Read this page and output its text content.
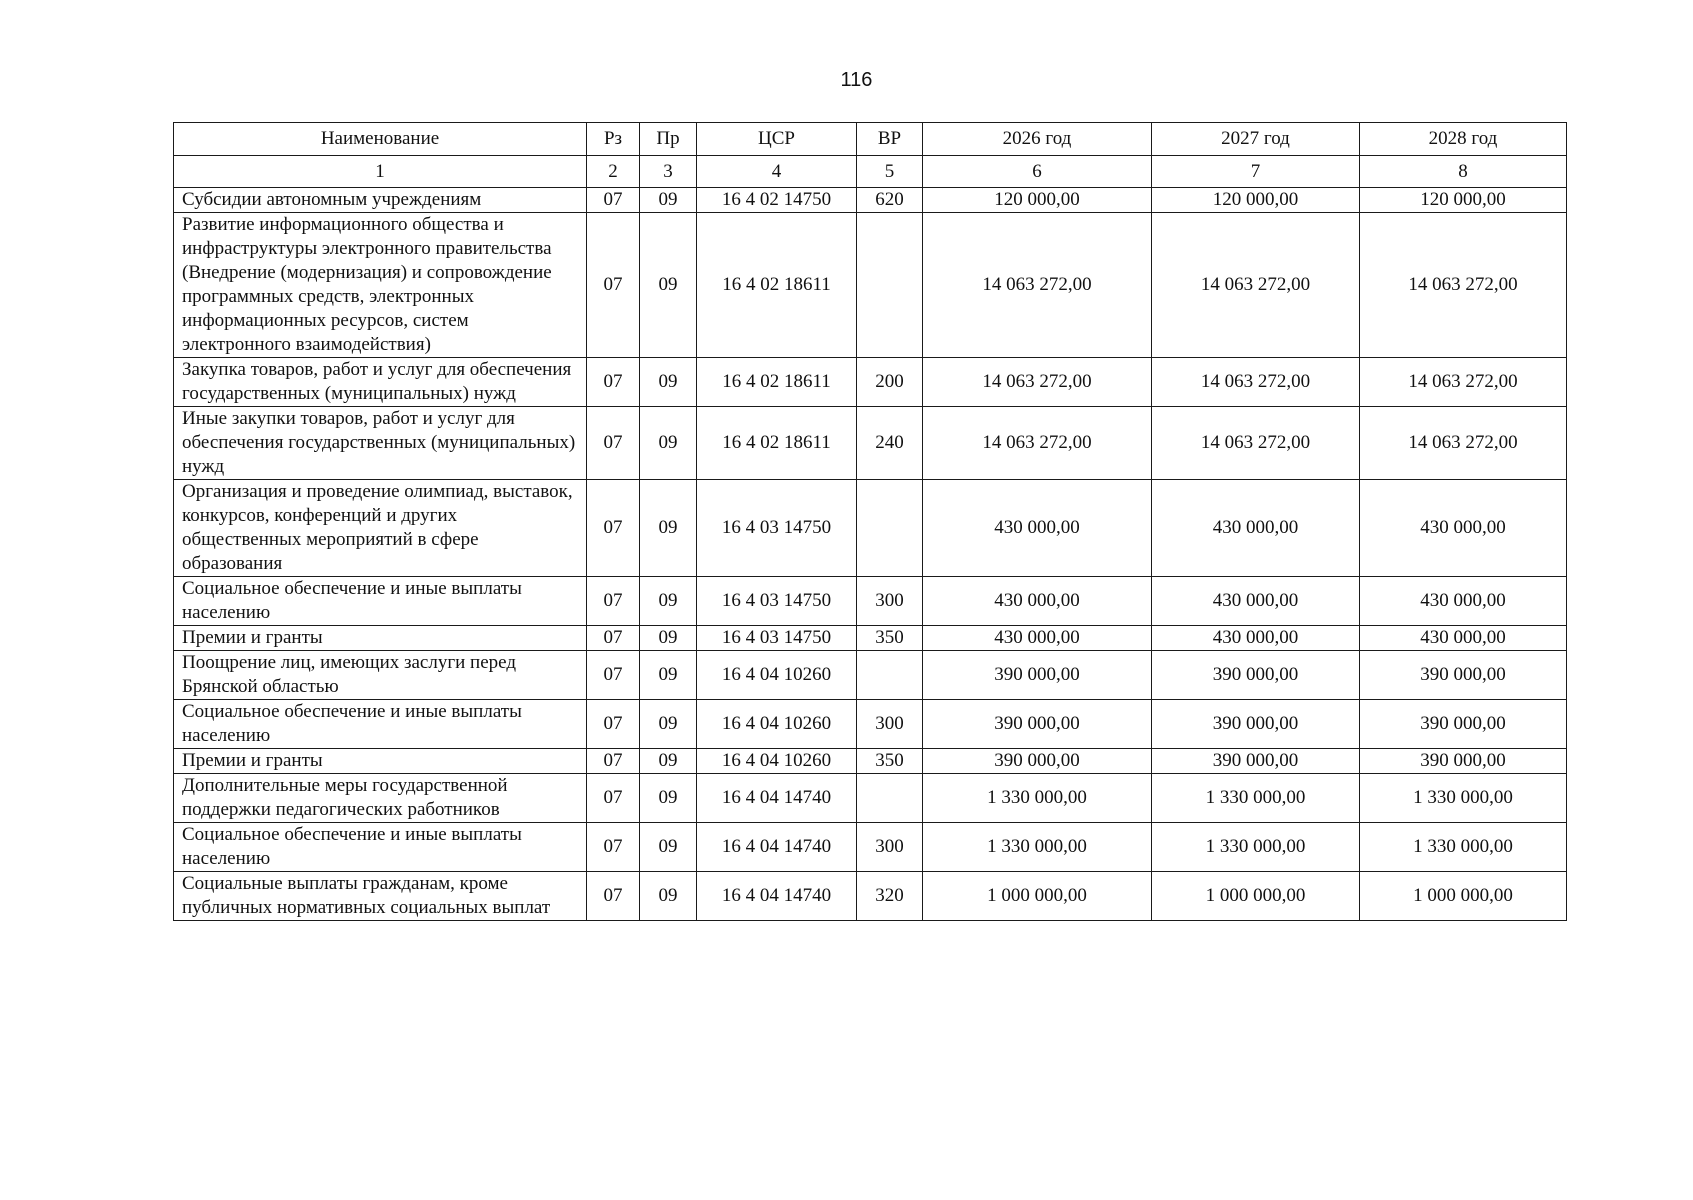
116
Наименование	Рз	Пр	ЦСР	ВР	2026 год	2027 год	2028 год
1	2	3	4	5	6	7	8
Субсидии автономным учреждениям	07	09	16 4 02 14750	620	120 000,00	120 000,00	120 000,00
Развитие информационного общества и инфраструктуры электронного правительства (Внедрение (модернизация) и сопровождение программных средств, электронных информационных ресурсов, систем электронного взаимодействия)	07	09	16 4 02 18611		14 063 272,00	14 063 272,00	14 063 272,00
Закупка товаров, работ и услуг для обеспечения государственных (муниципальных) нужд	07	09	16 4 02 18611	200	14 063 272,00	14 063 272,00	14 063 272,00
Иные закупки товаров, работ и услуг для обеспечения государственных (муниципальных) нужд	07	09	16 4 02 18611	240	14 063 272,00	14 063 272,00	14 063 272,00
Организация и проведение олимпиад, выставок, конкурсов, конференций и других общественных мероприятий в сфере образования	07	09	16 4 03 14750		430 000,00	430 000,00	430 000,00
Социальное обеспечение и иные выплаты населению	07	09	16 4 03 14750	300	430 000,00	430 000,00	430 000,00
Премии и гранты	07	09	16 4 03 14750	350	430 000,00	430 000,00	430 000,00
Поощрение лиц, имеющих заслуги перед Брянской областью	07	09	16 4 04 10260		390 000,00	390 000,00	390 000,00
Социальное обеспечение и иные выплаты населению	07	09	16 4 04 10260	300	390 000,00	390 000,00	390 000,00
Премии и гранты	07	09	16 4 04 10260	350	390 000,00	390 000,00	390 000,00
Дополнительные меры государственной поддержки педагогических работников	07	09	16 4 04 14740		1 330 000,00	1 330 000,00	1 330 000,00
Социальное обеспечение и иные выплаты населению	07	09	16 4 04 14740	300	1 330 000,00	1 330 000,00	1 330 000,00
Социальные выплаты гражданам, кроме публичных нормативных социальных выплат	07	09	16 4 04 14740	320	1 000 000,00	1 000 000,00	1 000 000,00
